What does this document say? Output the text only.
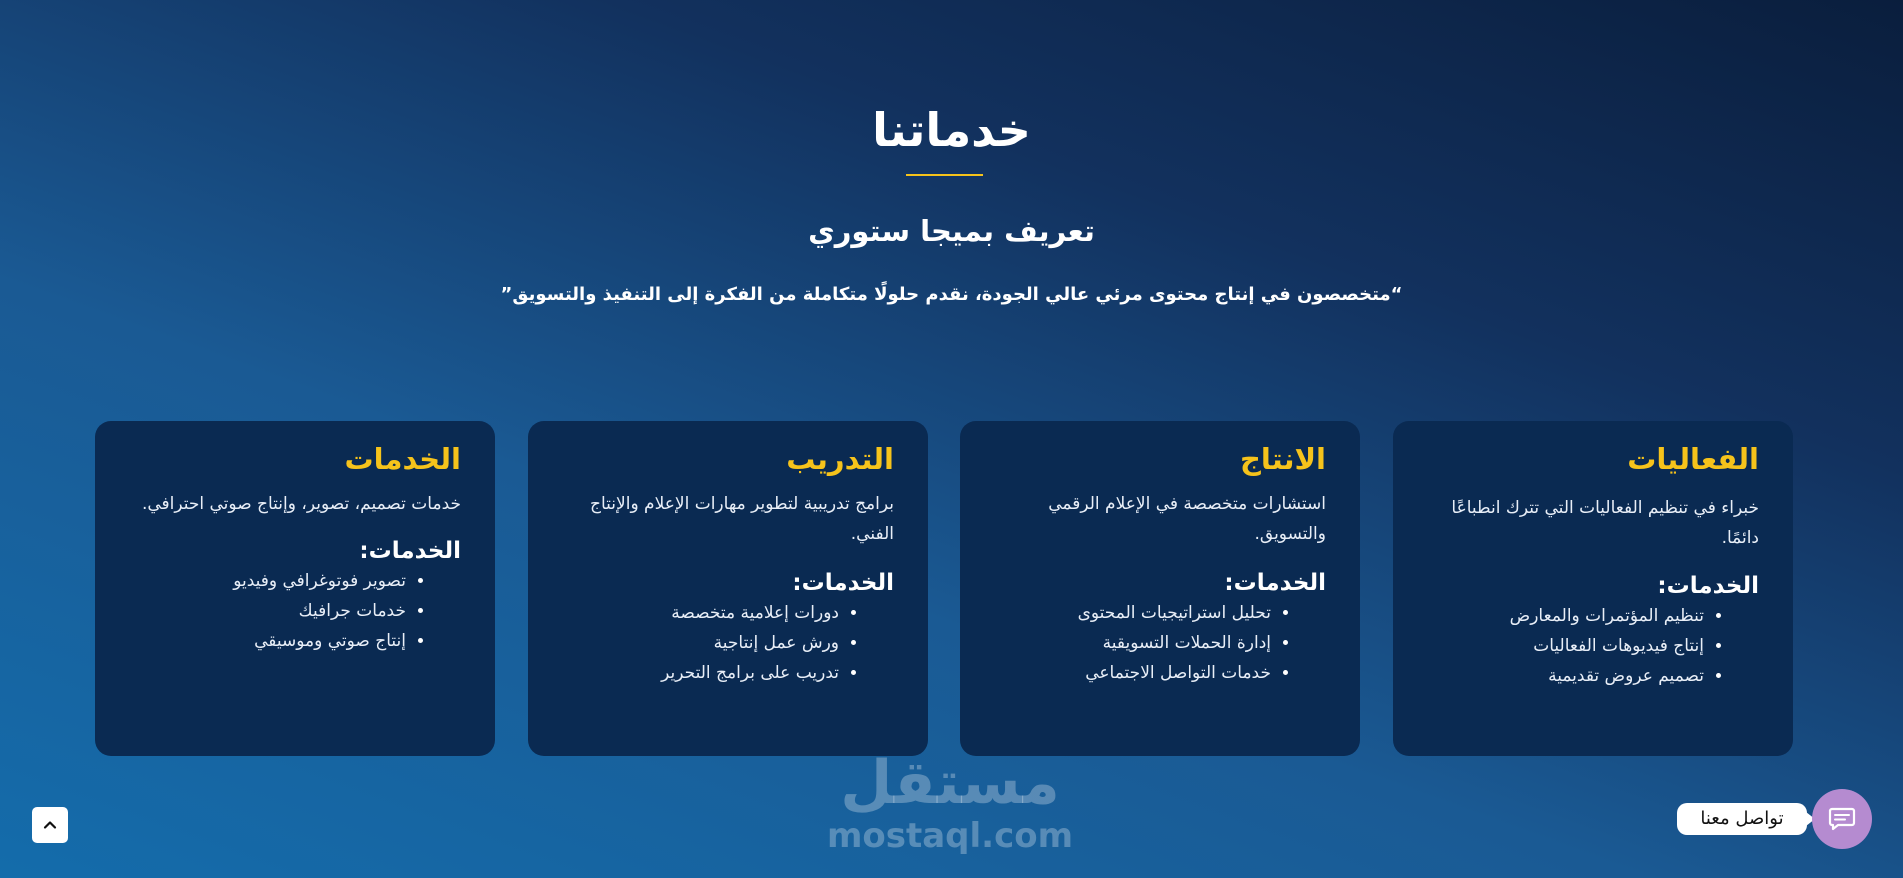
خدماتنا
تعريف بميجا ستوري

“متخصصون في إنتاج محتوى مرئي عالي الجودة، نقدم حلولًا متكاملة من الفكرة إلى التنفيذ والتسويق”

الفعاليات

خبراء في تنظيم الفعاليات التي تترك انطباعًا دائمًا.

الخدمات:
• تنظيم المؤتمرات والمعارض
• إنتاج فيديوهات الفعاليات
• تصميم عروض تقديمية
الانتاج

استشارات متخصصة في الإعلام الرقمي والتسويق.

الخدمات:
• تحليل استراتيجيات المحتوى
• إدارة الحملات التسويقية
• خدمات التواصل الاجتماعي
التدريب

برامج تدريبية لتطوير مهارات الإعلام والإنتاج الفني.

الخدمات:
• دورات إعلامية متخصصة
• ورش عمل إنتاجية
• تدريب على برامج التحرير
الخدمات

خدمات تصميم، تصوير، وإنتاج صوتي احترافي.

الخدمات:
• تصوير فوتوغرافي وفيديو
• خدمات جرافيك
• إنتاج صوتي وموسيقي
مستقل
mostaql.com	تواصل معنا
